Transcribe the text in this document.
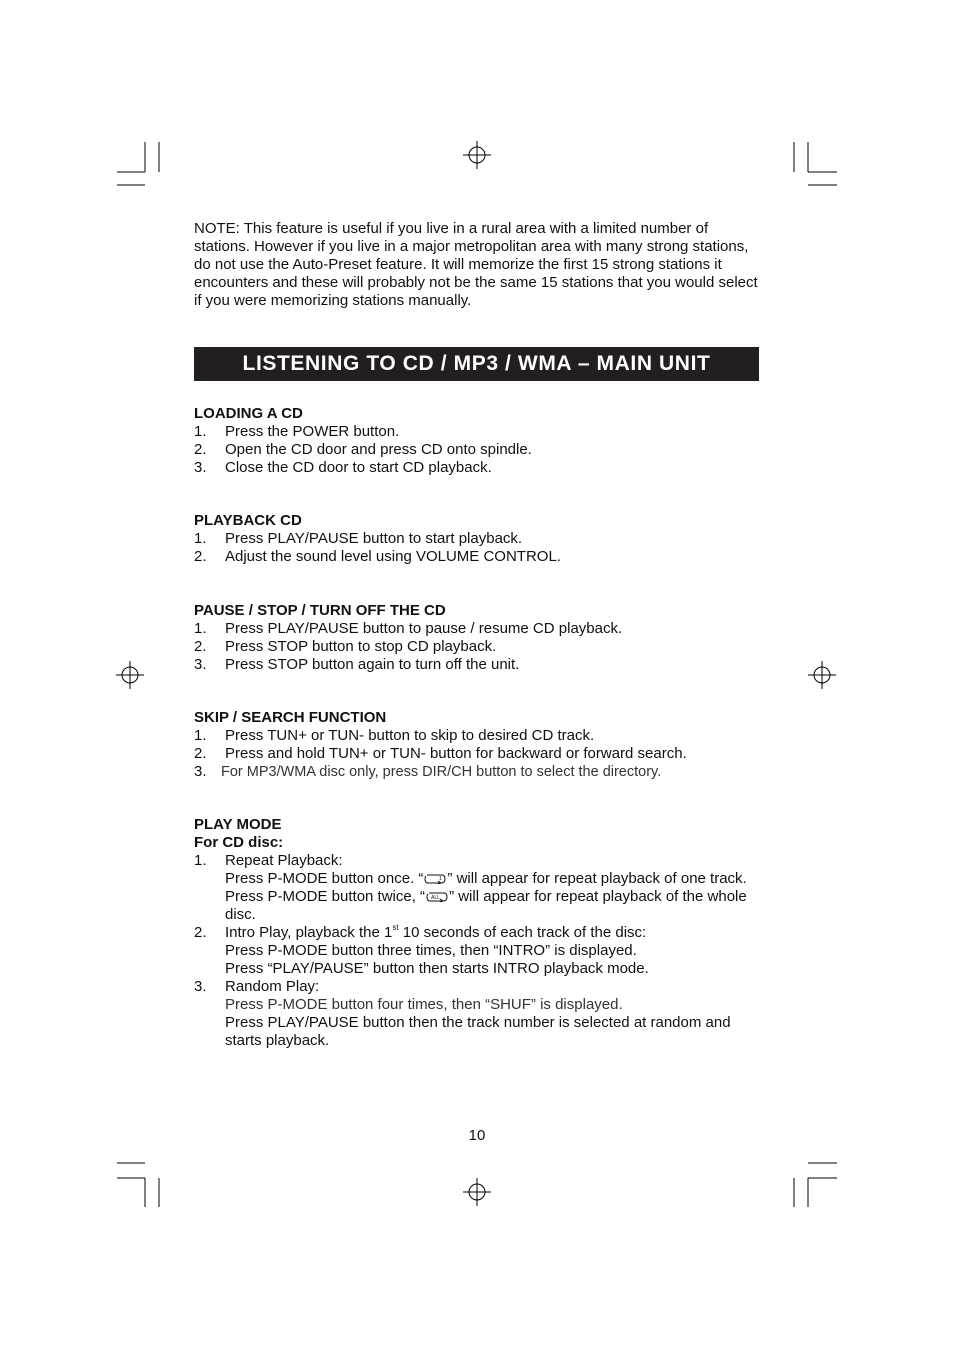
NOTE: This feature is useful if you live in a rural area with a limited number of stations. However if you live in a major metropolitan area with many strong stations, do not use the Auto-Preset feature. It will memorize the first 15 strong stations it encounters and these will probably not be the same 15 stations that you would select if you were memorizing stations manually.

LISTENING TO CD / MP3 / WMA – MAIN UNIT

LOADING A CD

1.	Press the POWER button.
2.	Open the CD door and press CD onto spindle.
3.	Close the CD door to start CD playback.

PLAYBACK CD

1.	Press PLAY/PAUSE button to start playback.
2.	Adjust the sound level using VOLUME CONTROL.

PAUSE / STOP / TURN OFF THE CD

1.	Press PLAY/PAUSE button to pause / resume CD playback.
2.	Press STOP button to stop CD playback.
3.	Press STOP button again to turn off the unit.

SKIP / SEARCH FUNCTION

1.	Press TUN+ or TUN- button to skip to desired CD track.
2.	Press and hold TUN+ or TUN- button for backward or forward search.
3. For MP3/WMA disc only, press DIR/CH button to select the directory.

PLAY MODE

For CD disc:

1.	Repeat Playback:
Press P-MODE button once. “	1 ” will appear for repeat playback of one track.
Press P-MODE button twice, “ ALL ” will appear for repeat playback of the whole disc.
2.	Intro Play, playback the 1st 10 seconds of each track of the disc:
Press P-MODE button three times, then “INTRO” is displayed.
Press “PLAY/PAUSE” button then starts INTRO playback mode.
3.	Random Play:
Press P-MODE button four times, then “SHUF” is displayed.
Press PLAY/PAUSE button then the track number is selected at random and starts playback.
10
